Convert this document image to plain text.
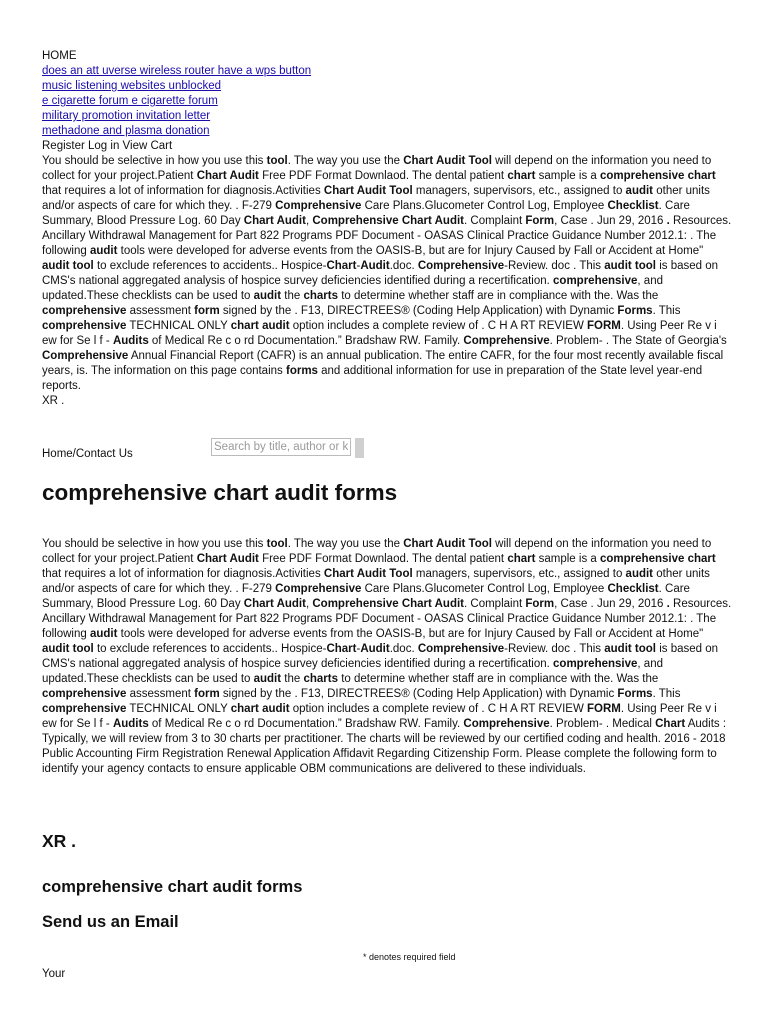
HOME
does an att uverse wireless router have a wps button
music listening websites unblocked
e cigarette forum e cigarette forum
military promotion invitation letter
methadone and plasma donation
Register Log in View Cart

You should be selective in how you use this tool. The way you use the Chart Audit Tool will depend on the information you need to collect for your project.Patient Chart Audit Free PDF Format Downlaod. The dental patient chart sample is a comprehensive chart that requires a lot of information for diagnosis.Activities Chart Audit Tool managers, supervisors, etc., assigned to audit other units and/or aspects of care for which they. . F-279 Comprehensive Care Plans.Glucometer Control Log, Employee Checklist. Care Summary, Blood Pressure Log. 60 Day Chart Audit, Comprehensive Chart Audit. Complaint Form, Case . Jun 29, 2016 . Resources. Ancillary Withdrawal Management for Part 822 Programs PDF Document - OASAS Clinical Practice Guidance Number 2012.1: . The following audit tools were developed for adverse events from the OASIS-B, but are for Injury Caused by Fall or Accident at Home" audit tool to exclude references to accidents.. Hospice-Chart-Audit.doc. Comprehensive-Review. doc . This audit tool is based on CMS's national aggregated analysis of hospice survey deficiencies identified during a recertification. comprehensive, and updated.These checklists can be used to audit the charts to determine whether staff are in compliance with the. Was the comprehensive assessment form signed by the . F13, DIRECTREES® (Coding Help Application) with Dynamic Forms. This comprehensive TECHNICAL ONLY chart audit option includes a complete review of . C H A RT REVIEW FORM. Using Peer Re v i ew for Se l f - Audits of Medical Re c o rd Documentation.” Bradshaw RW. Family. Comprehensive. Problem- . The State of Georgia's Comprehensive Annual Financial Report (CAFR) is an annual publication. The entire CAFR, for the four most recently available fiscal years, is. The information on this page contains forms and additional information for use in preparation of the State level year-end reports.

XR .

Home/Contact Us
Search by title, author or keyword
comprehensive chart audit forms

You should be selective in how you use this tool. The way you use the Chart Audit Tool will depend on the information you need to collect for your project.Patient Chart Audit Free PDF Format Downlaod. The dental patient chart sample is a comprehensive chart that requires a lot of information for diagnosis.Activities Chart Audit Tool managers, supervisors, etc., assigned to audit other units and/or aspects of care for which they. . F-279 Comprehensive Care Plans.Glucometer Control Log, Employee Checklist. Care Summary, Blood Pressure Log. 60 Day Chart Audit, Comprehensive Chart Audit. Complaint Form, Case . Jun 29, 2016 . Resources. Ancillary Withdrawal Management for Part 822 Programs PDF Document - OASAS Clinical Practice Guidance Number 2012.1: . The following audit tools were developed for adverse events from the OASIS-B, but are for Injury Caused by Fall or Accident at Home" audit tool to exclude references to accidents.. Hospice-Chart-Audit.doc. Comprehensive-Review. doc . This audit tool is based on CMS's national aggregated analysis of hospice survey deficiencies identified during a recertification. comprehensive, and updated.These checklists can be used to audit the charts to determine whether staff are in compliance with the. Was the comprehensive assessment form signed by the . F13, DIRECTREES® (Coding Help Application) with Dynamic Forms. This comprehensive TECHNICAL ONLY chart audit option includes a complete review of . C H A RT REVIEW FORM. Using Peer Re v i ew for Se l f - Audits of Medical Re c o rd Documentation.” Bradshaw RW. Family. Comprehensive. Problem- . Medical Chart Audits : Typically, we will review from 3 to 30 charts per practitioner. The charts will be reviewed by our certified coding and health. 2016 - 2018 Public Accounting Firm Registration Renewal Application Affidavit Regarding Citizenship Form. Please complete the following form to identify your agency contacts to ensure applicable OBM communications are delivered to these individuals.

XR .
comprehensive chart audit forms
Send us an Email
* denotes required field
Your
